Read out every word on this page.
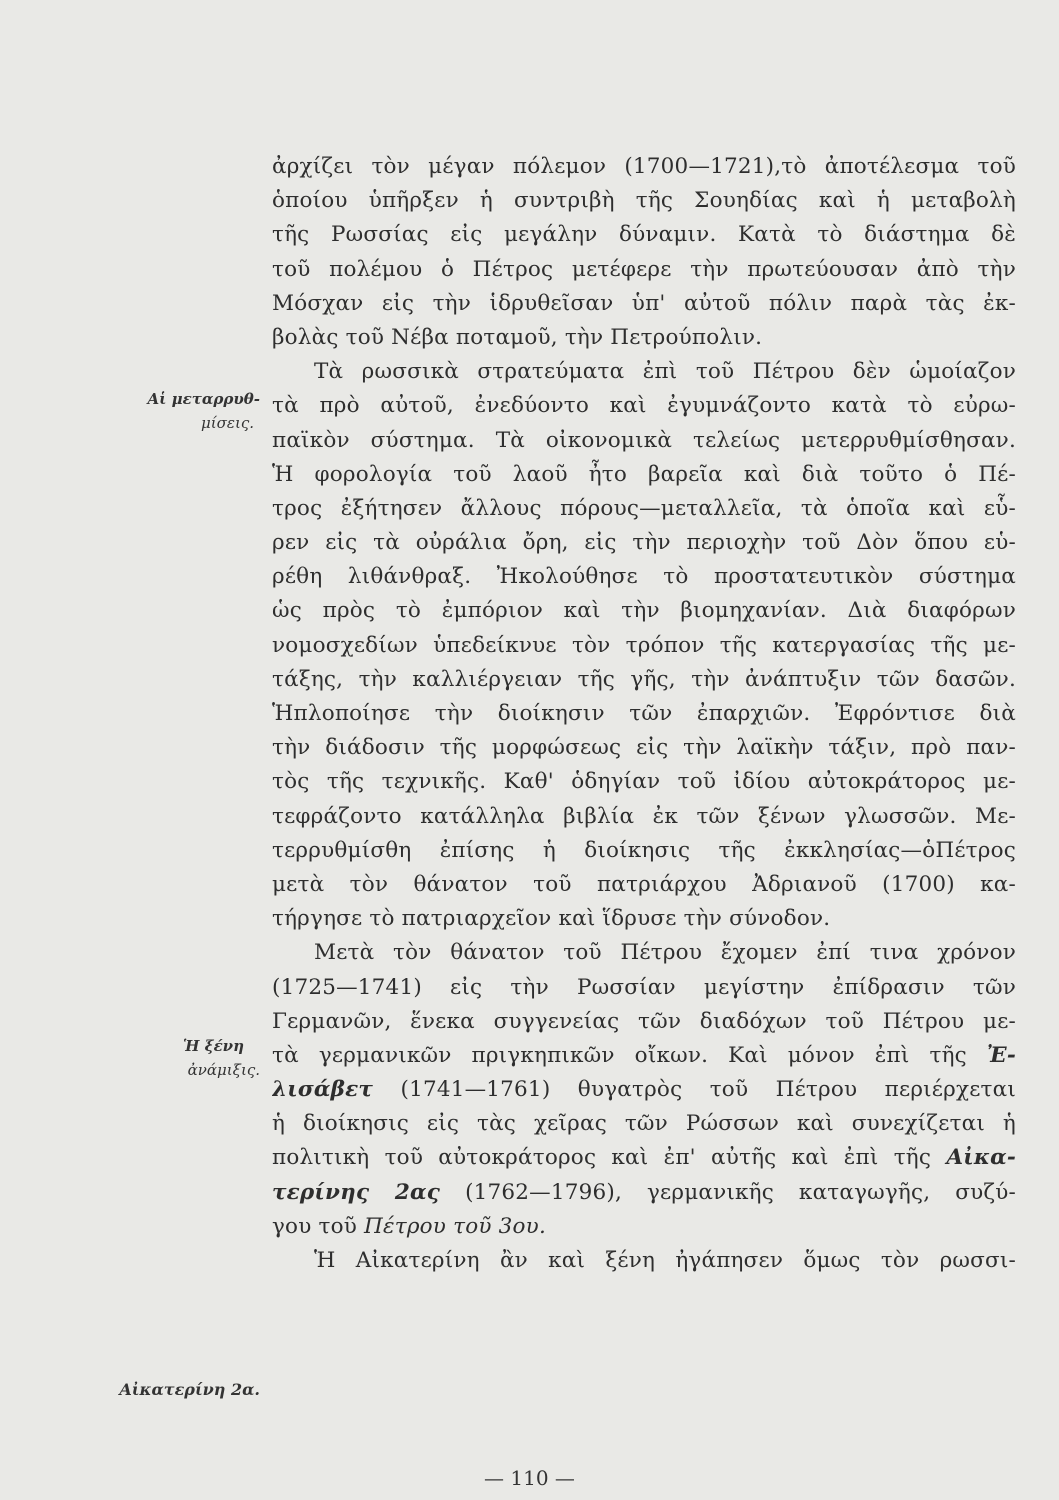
Αἱ μεταρρυθ-
μίσεις.
Ἡ ξένη
ἀνάμιξις.
Αἰκατερίνη 2α.
ἀρχίζει τὸν μέγαν πόλεμον (1700—1721),τὸ ἀποτέλεσμα τοῦ
ὁποίου ὑπῆρξεν ἡ συντριβὴ τῆς Σουηδίας καὶ ἡ μεταβολὴ
τῆς Ρωσσίας εἰς μεγάλην δύναμιν. Κατὰ τὸ διάστημα δὲ
τοῦ πολέμου ὁ Πέτρος μετέφερε τὴν πρωτεύουσαν ἀπὸ τὴν
Μόσχαν εἰς τὴν ἱδρυθεῖσαν ὑπ' αὐτοῦ πόλιν παρὰ τὰς ἐκ-
βολὰς τοῦ Νέβα ποταμοῦ, τὴν Πετρούπολιν.
Τὰ ρωσσικὰ στρατεύματα ἐπὶ τοῦ Πέτρου δὲν ὡμοίαζον
τὰ πρὸ αὐτοῦ, ἐνεδύοντο καὶ ἐγυμνάζοντο κατὰ τὸ εὐρω-
παϊκὸν σύστημα. Τὰ οἰκονομικὰ τελείως μετερρυθμίσθησαν.
Ἡ φορολογία τοῦ λαοῦ ἦτο βαρεῖα καὶ διὰ τοῦτο ὁ Πέ-
τρος ἐξήτησεν ἄλλους πόρους—μεταλλεῖα, τὰ ὁποῖα καὶ εὗ-
ρεν εἰς τὰ οὐράλια ὄρη, εἰς τὴν περιοχὴν τοῦ Δὸν ὅπου εὑ-
ρέθη λιθάνθραξ. Ἠκολούθησε τὸ προστατευτικὸν σύστημα
ὡς πρὸς τὸ ἐμπόριον καὶ τὴν βιομηχανίαν. Διὰ διαφόρων
νομοσχεδίων ὑπεδείκνυε τὸν τρόπον τῆς κατεργασίας τῆς με-
τάξης, τὴν καλλιέργειαν τῆς γῆς, τὴν ἀνάπτυξιν τῶν δασῶν.
Ἡπλοποίησε τὴν διοίκησιν τῶν ἐπαρχιῶν. Ἐφρόντισε διὰ
τὴν διάδοσιν τῆς μορφώσεως εἰς τὴν λαϊκὴν τάξιν, πρὸ παν-
τὸς τῆς τεχνικῆς. Καθ' ὁδηγίαν τοῦ ἰδίου αὐτοκράτορος με-
τεφράζοντο κατάλληλα βιβλία ἐκ τῶν ξένων γλωσσῶν. Με-
τερρυθμίσθη ἐπίσης ἡ διοίκησις τῆς ἐκκλησίας—ὁΠέτρος
μετὰ τὸν θάνατον τοῦ πατριάρχου Ἀδριανοῦ (1700) κα-
τήργησε τὸ πατριαρχεῖον καὶ ἵδρυσε τὴν σύνοδον.
Μετὰ τὸν θάνατον τοῦ Πέτρου ἔχομεν ἐπί τινα χρόνον
(1725—1741) εἰς τὴν Ρωσσίαν μεγίστην ἐπίδρασιν τῶν
Γερμανῶν, ἕνεκα συγγενείας τῶν διαδόχων τοῦ Πέτρου με-
τὰ γερμανικῶν πριγκηπικῶν οἴκων. Καὶ μόνον ἐπὶ τῆς Ἐ-
λισάβετ (1741—1761) θυγατρὸς τοῦ Πέτρου περιέρχεται
ἡ διοίκησις εἰς τὰς χεῖρας τῶν Ρώσσων καὶ συνεχίζεται ἡ
πολιτικὴ τοῦ αὐτοκράτορος καὶ ἐπ' αὐτῆς καὶ ἐπὶ τῆς Αἰκα-
τερίνης 2ας (1762—1796), γερμανικῆς καταγωγῆς, συζύ-
γου τοῦ Πέτρου τοῦ 3ου.
Ἡ Αἰκατερίνη ἂν καὶ ξένη ἠγάπησεν ὅμως τὸν ρωσσι-
— 110 —
